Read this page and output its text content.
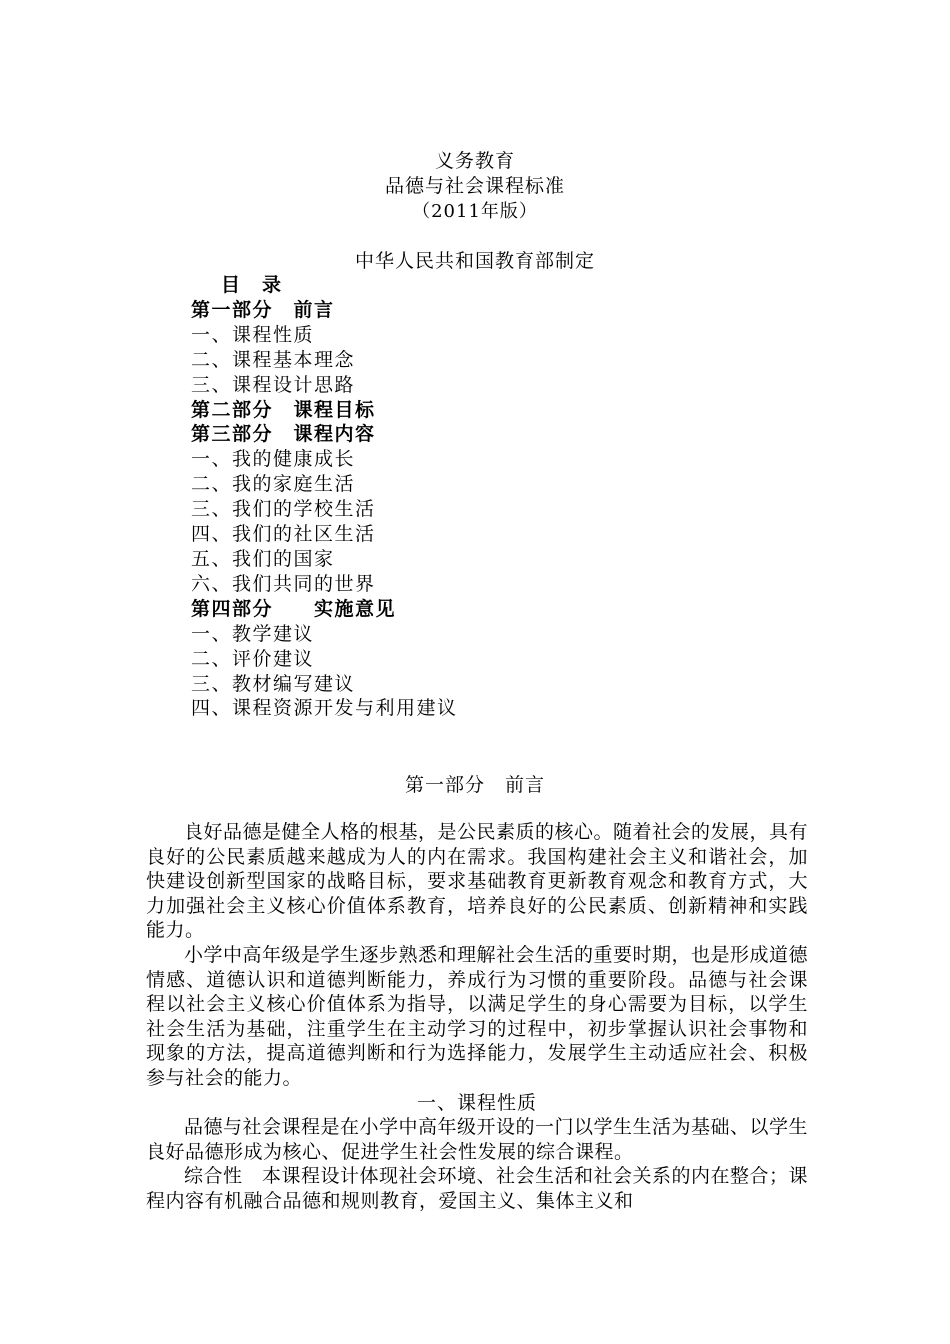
义务教育
品德与社会课程标准
（2011年版）
中华人民共和国教育部制定
目　录
第一部分　前言
一、课程性质
二、课程基本理念
三、课程设计思路
第二部分　课程目标
第三部分　课程内容
一、我的健康成长
二、我的家庭生活
三、我们的学校生活
四、我们的社区生活
五、我们的国家
六、我们共同的世界
第四部分　　实施意见
一、教学建议
二、评价建议
三、教材编写建议
四、课程资源开发与利用建议
第一部分　前言

良好品德是健全人格的根基，是公民素质的核心。随着社会的发展，具有良好的公民素质越来越成为人的内在需求。我国构建社会主义和谐社会，加快建设创新型国家的战略目标，要求基础教育更新教育观念和教育方式，大力加强社会主义核心价值体系教育，培养良好的公民素质、创新精神和实践能力。

小学中高年级是学生逐步熟悉和理解社会生活的重要时期，也是形成道德情感、道德认识和道德判断能力，养成行为习惯的重要阶段。品德与社会课程以社会主义核心价值体系为指导，以满足学生的身心需要为目标，以学生社会生活为基础，注重学生在主动学习的过程中，初步掌握认识社会事物和现象的方法，提高道德判断和行为选择能力，发展学生主动适应社会、积极参与社会的能力。

一、课程性质

品德与社会课程是在小学中高年级开设的一门以学生生活为基础、以学生良好品德形成为核心、促进学生社会性发展的综合课程。

综合性　本课程设计体现社会环境、社会生活和社会关系的内在整合；课程内容有机融合品德和规则教育，爱国主义、集体主义和
